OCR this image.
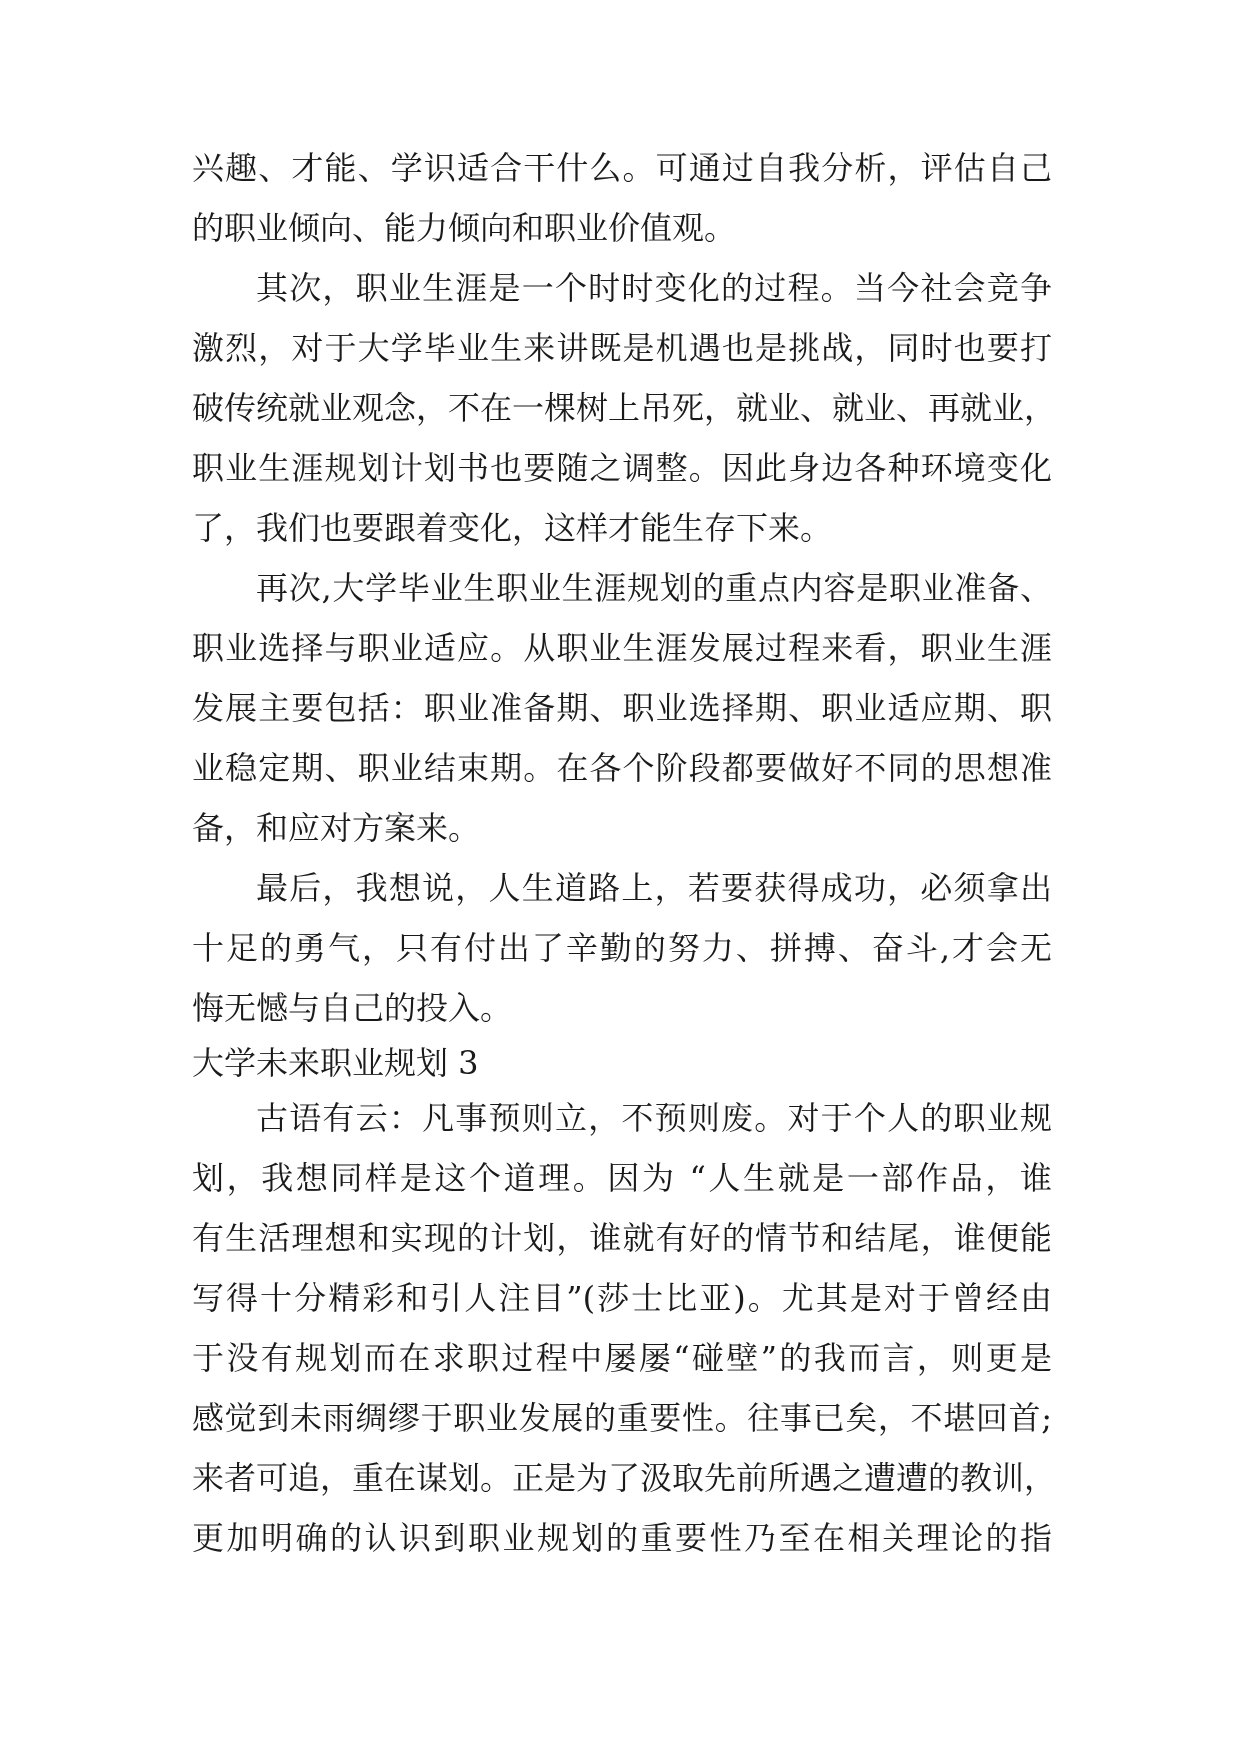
兴趣、才能、学识适合干什么。可通过自我分析，评估自己
的职业倾向、能力倾向和职业价值观。
其次，职业生涯是一个时时变化的过程。当今社会竞争
激烈，对于大学毕业生来讲既是机遇也是挑战，同时也要打
破传统就业观念，不在一棵树上吊死，就业、就业、再就业，
职业生涯规划计划书也要随之调整。因此身边各种环境变化
了，我们也要跟着变化，这样才能生存下来。
再次,大学毕业生职业生涯规划的重点内容是职业准备、
职业选择与职业适应。从职业生涯发展过程来看，职业生涯
发展主要包括：职业准备期、职业选择期、职业适应期、职
业稳定期、职业结束期。在各个阶段都要做好不同的思想准
备，和应对方案来。
最后，我想说，人生道路上，若要获得成功，必须拿出
十足的勇气，只有付出了辛勤的努力、拼搏、奋斗,才会无
悔无憾与自己的投入。
大学未来职业规划 3
古语有云：凡事预则立，不预则废。对于个人的职业规
划，我想同样是这个道理。因为 “人生就是一部作品，谁
有生活理想和实现的计划，谁就有好的情节和结尾，谁便能
写得十分精彩和引人注目”(莎士比亚)。尤其是对于曾经由
于没有规划而在求职过程中屡屡“碰壁”的我而言，则更是
感觉到未雨绸缪于职业发展的重要性。往事已矣，不堪回首;
来者可追，重在谋划。正是为了汲取先前所遇之遭遭的教训，
更加明确的认识到职业规划的重要性乃至在相关理论的指
